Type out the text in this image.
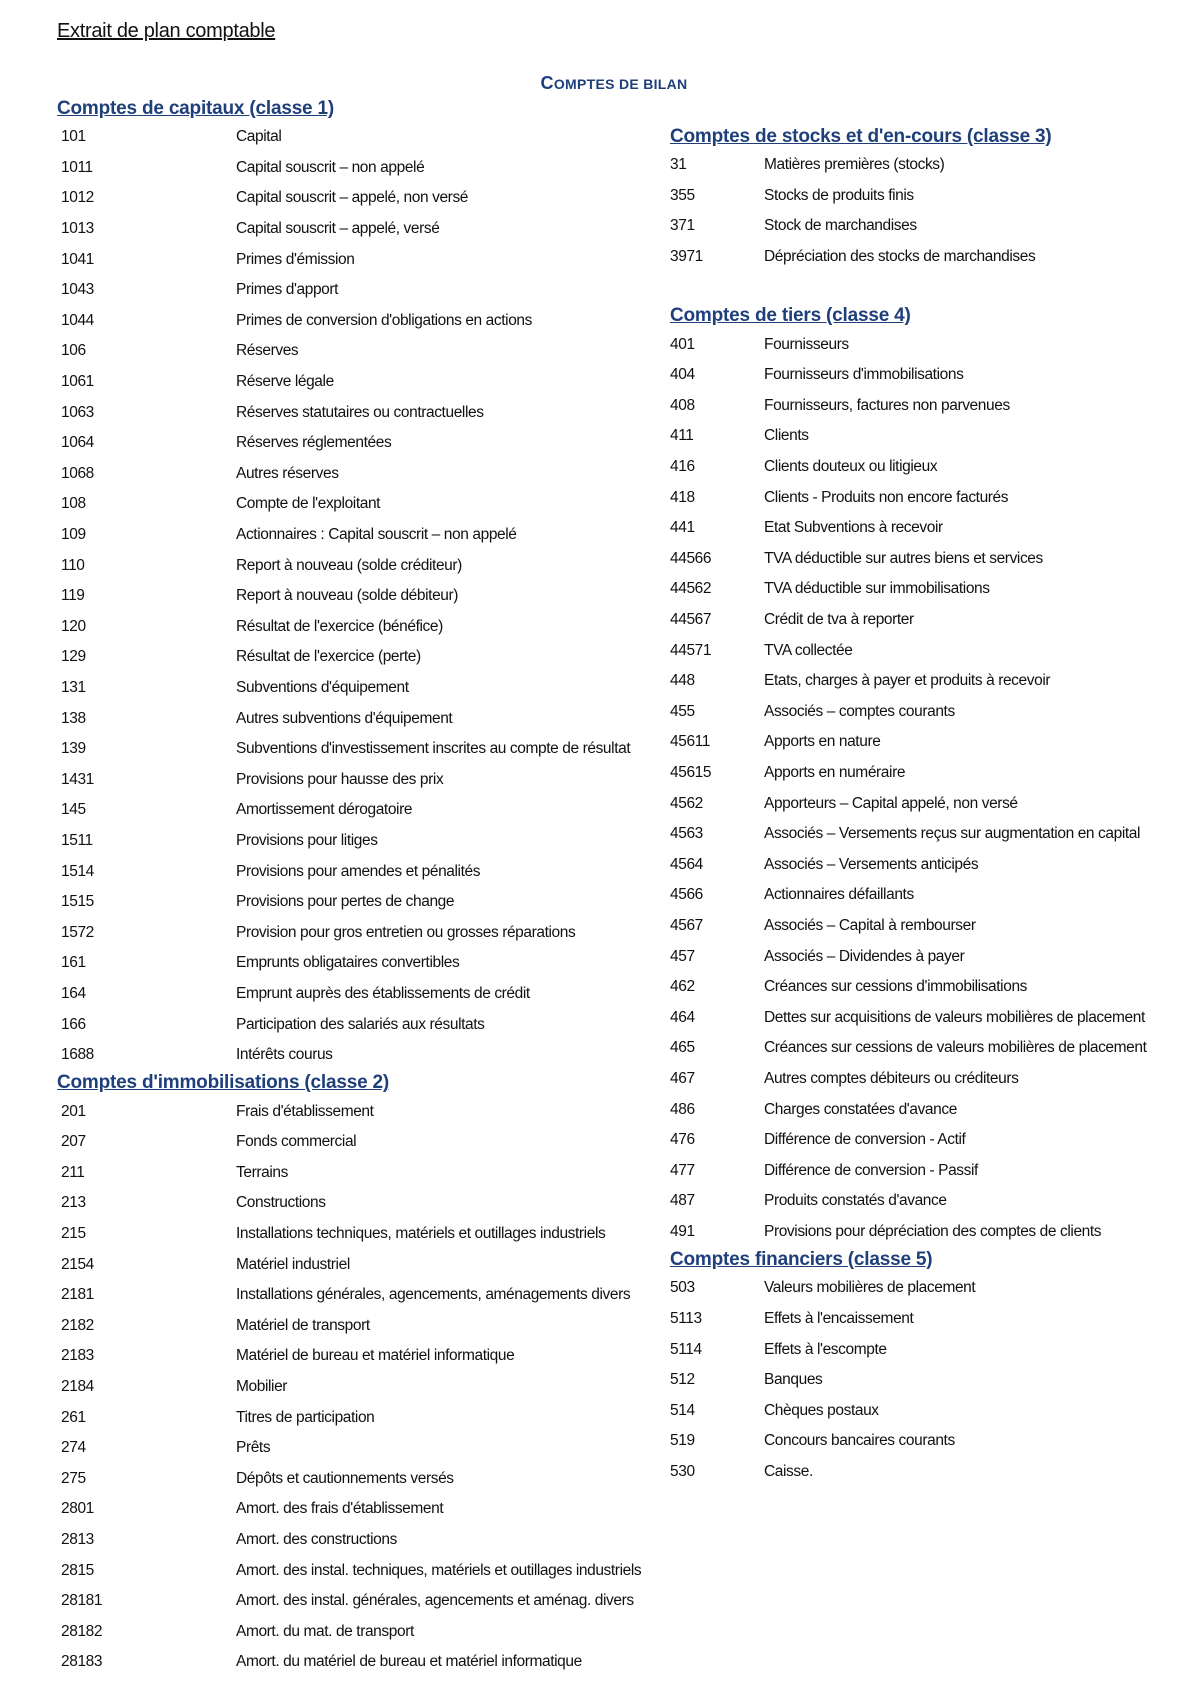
Extrait de plan comptable
COMPTES DE BILAN
Comptes de capitaux (classe 1)
101	Capital
1011	Capital souscrit – non appelé
1012	Capital souscrit – appelé, non versé
1013	Capital souscrit – appelé, versé
1041	Primes d'émission
1043	Primes d'apport
1044	Primes de conversion d'obligations en actions
106	Réserves
1061	Réserve légale
1063	Réserves statutaires ou contractuelles
1064	Réserves réglementées
1068	Autres réserves
108	Compte de l'exploitant
109	Actionnaires : Capital souscrit – non appelé
110	Report à nouveau (solde créditeur)
119	Report à nouveau (solde débiteur)
120	Résultat de l'exercice (bénéfice)
129	Résultat de l'exercice (perte)
131	Subventions d'équipement
138	Autres subventions d'équipement
139	Subventions d'investissement inscrites au compte de résultat
1431	Provisions pour hausse des prix
145	Amortissement dérogatoire
1511	Provisions pour litiges
1514	Provisions pour amendes et pénalités
1515	Provisions pour pertes de change
1572	Provision pour gros entretien ou grosses réparations
161	Emprunts obligataires convertibles
164	Emprunt auprès des établissements de crédit
166	Participation des salariés aux résultats
1688	Intérêts courus
Comptes d'immobilisations (classe 2)
201	Frais d'établissement
207	Fonds commercial
211	Terrains
213	Constructions
215	Installations techniques, matériels et outillages industriels
2154	Matériel industriel
2181	Installations générales, agencements, aménagements divers
2182	Matériel de transport
2183	Matériel de bureau et matériel informatique
2184	Mobilier
261	Titres de participation
274	Prêts
275	Dépôts et cautionnements versés
2801	Amort. des frais d'établissement
2813	Amort. des constructions
2815	Amort. des instal. techniques, matériels et outillages industriels
28181	Amort. des instal. générales, agencements et aménag. divers
28182	Amort. du mat. de transport
28183	Amort. du matériel de bureau et matériel informatique
Comptes de stocks et d'en-cours (classe 3)
31	Matières premières (stocks)
355	Stocks de produits finis
371	Stock de marchandises
3971	Dépréciation des stocks de marchandises
Comptes de tiers (classe 4)
401	Fournisseurs
404	Fournisseurs d'immobilisations
408	Fournisseurs, factures non parvenues
411	Clients
416	Clients douteux ou litigieux
418	Clients - Produits non encore facturés
441	Etat Subventions à recevoir
44566	TVA déductible sur autres biens et services
44562	TVA déductible sur immobilisations
44567	Crédit de tva à reporter
44571	TVA collectée
448	Etats, charges à payer et produits à recevoir
455	Associés – comptes courants
45611	Apports en nature
45615	Apports en numéraire
4562	Apporteurs – Capital appelé, non versé
4563	Associés – Versements reçus sur augmentation en capital
4564	Associés – Versements anticipés
4566	Actionnaires défaillants
4567	Associés – Capital à rembourser
457	Associés – Dividendes à payer
462	Créances sur cessions d'immobilisations
464	Dettes sur acquisitions de valeurs mobilières de placement
465	Créances sur cessions de valeurs mobilières de placement
467	Autres comptes débiteurs ou créditeurs
486	Charges constatées d'avance
476	Différence de conversion - Actif
477	Différence de conversion - Passif
487	Produits constatés d'avance
491	Provisions pour dépréciation des comptes de clients
Comptes financiers (classe 5)
503	Valeurs mobilières de placement
5113	Effets à l'encaissement
5114	Effets à l'escompte
512	Banques
514	Chèques postaux
519	Concours bancaires courants
530	Caisse.
